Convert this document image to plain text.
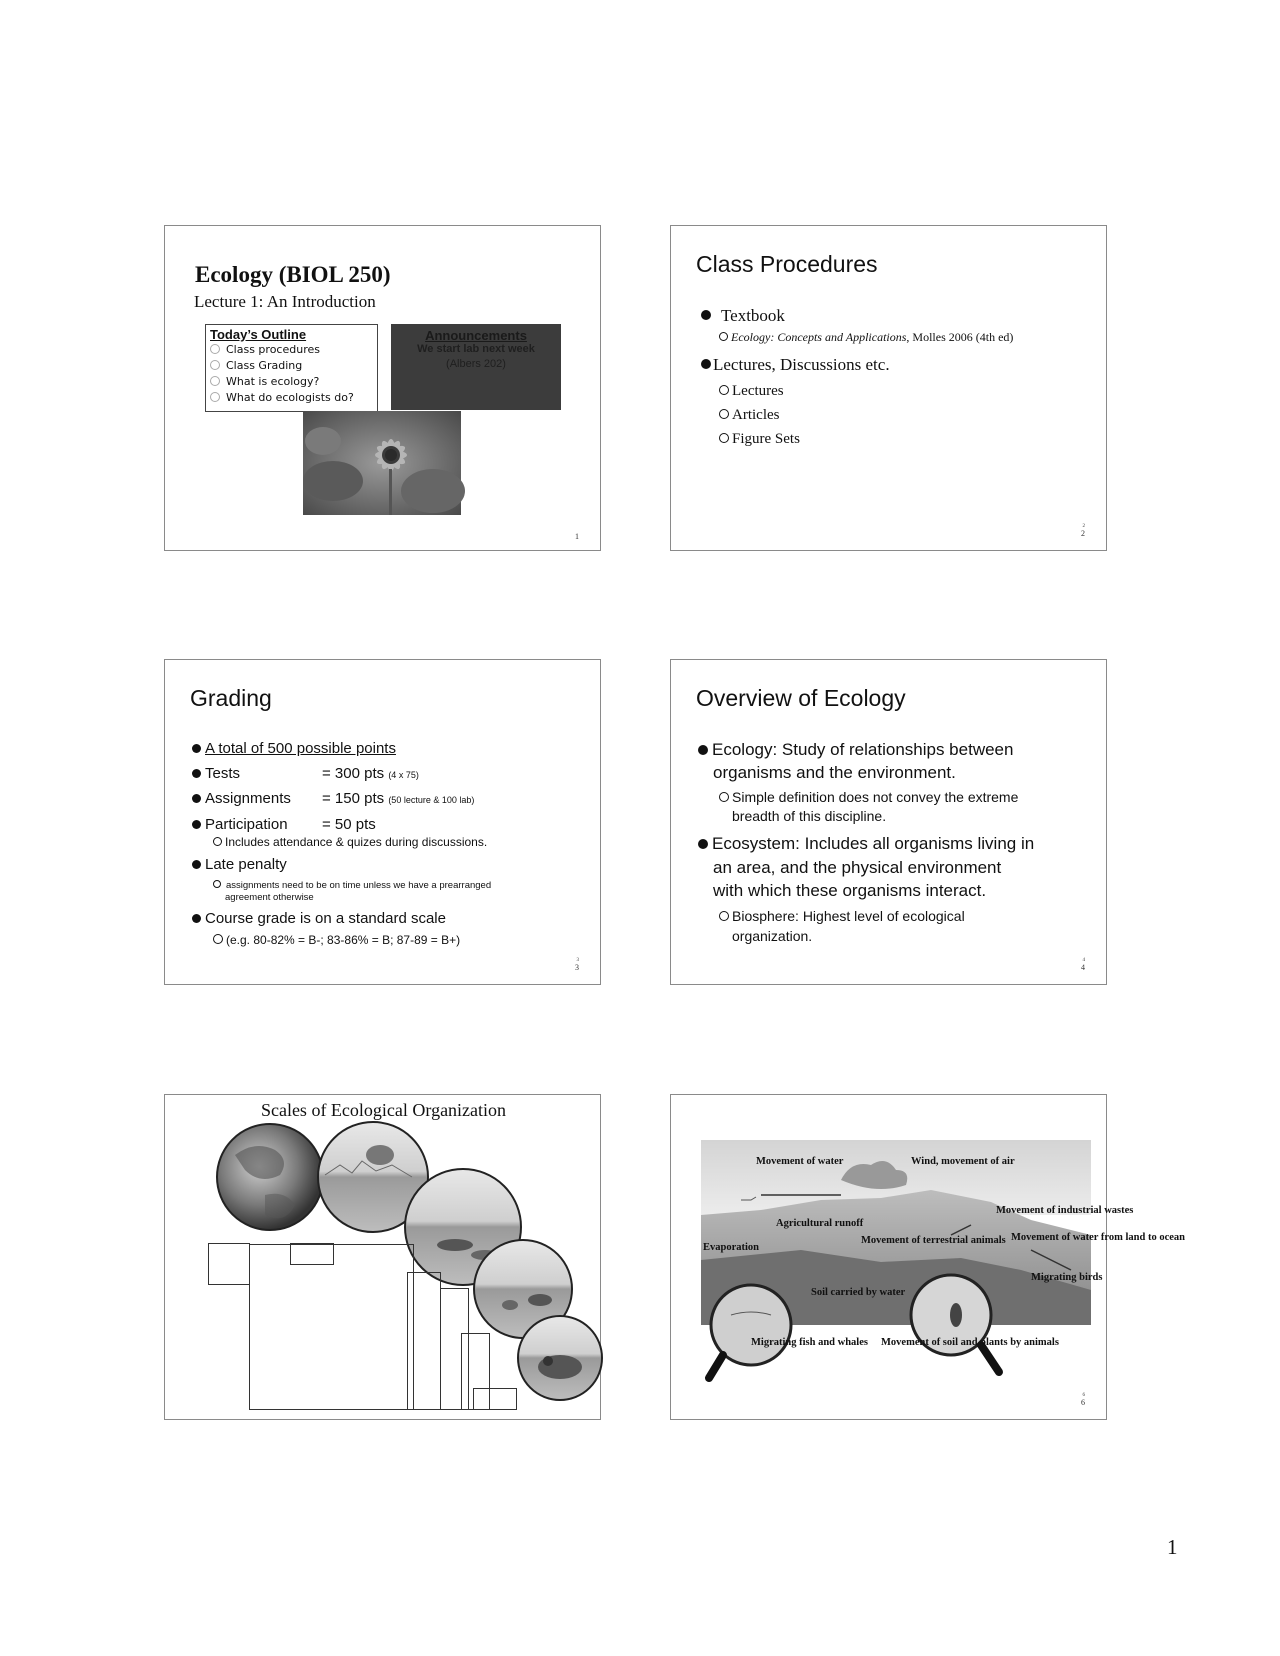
Ecology (BIOL 250)
Lecture 1: An Introduction
Today’s Outline
Class procedures
Class Grading
What is ecology?
What do ecologists do?
Announcements
We start lab next week
(Albers 202)
1
Class Procedures
Textbook
Ecology: Concepts and Applications, Molles 2006 (4th ed)
Lectures, Discussions etc.
Lectures
Articles
Figure Sets
2
2
Grading
A total of 500 possible points
Tests	= 300 pts (4 x 75)
Assignments = 150 pts (50 lecture & 100 lab)
Participation = 50 pts
Includes attendance & quizes during discussions.
Late penalty
assignments need to be on time unless we have a prearranged
agreement otherwise
Course grade is on a standard scale
(e.g. 80-82% = B-; 83-86% = B; 87-89 = B+)
3
3
Overview of Ecology
Ecology: Study of relationships between
organisms and the environment.
Simple definition does not convey the extreme
breadth of this discipline.
Ecosystem: Includes all organisms living in
an area, and the physical environment
with which these organisms interact.
Biosphere: Highest level of ecological
organization.
4
4
Scales of Ecological Organization
Movement of water	Wind, movement of air
Movement of industrial wastes
Agricultural runoff
Evaporation
Movement of terrestrial animals Movement of water from land to ocean
Migrating birds
Soil carried by water
Migrating fish and whales Movement of soil and plants by animals
6
6
1
